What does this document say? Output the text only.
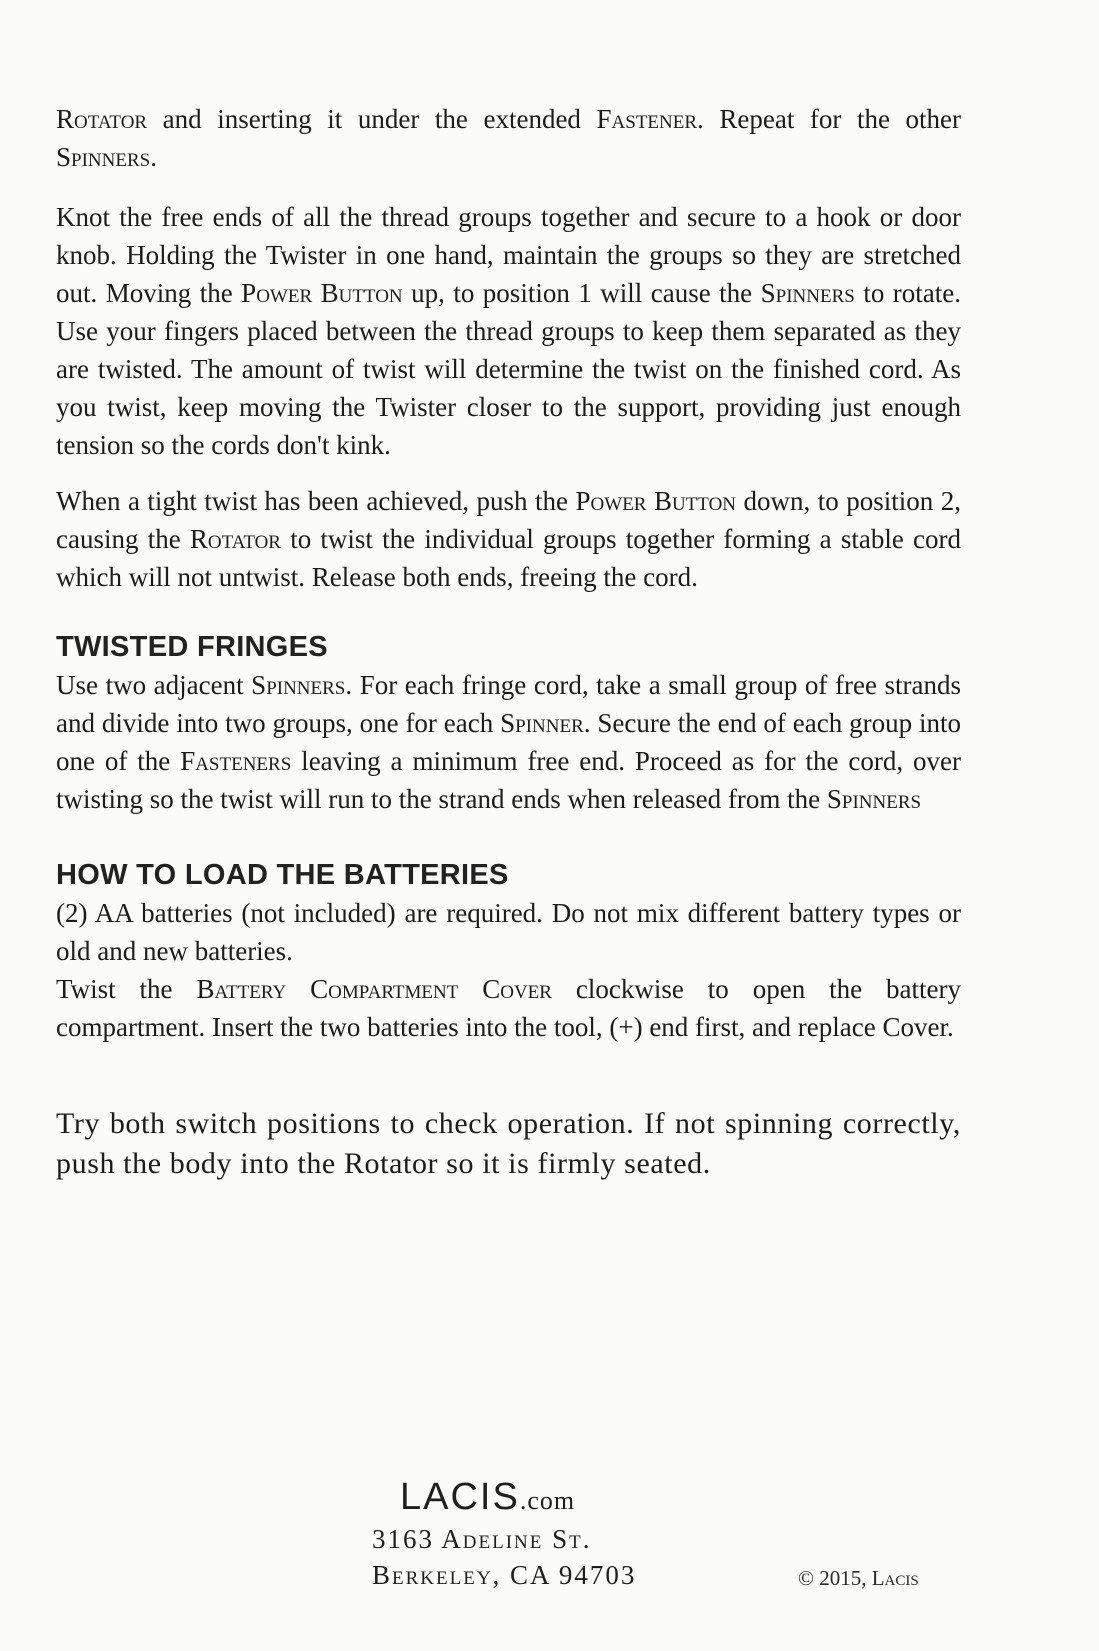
Rotator and inserting it under the extended Fastener. Repeat for the other Spinners.

Knot the free ends of all the thread groups together and secure to a hook or door knob. Holding the Twister in one hand, maintain the groups so they are stretched out. Moving the Power Button up, to position 1 will cause the Spinners to rotate. Use your fingers placed between the thread groups to keep them separated as they are twisted. The amount of twist will determine the twist on the finished cord. As you twist, keep moving the Twister closer to the support, providing just enough tension so the cords don't kink.

When a tight twist has been achieved, push the Power Button down, to position 2, causing the Rotator to twist the individual groups together forming a stable cord which will not untwist. Release both ends, freeing the cord.

TWISTED FRINGES

Use two adjacent Spinners. For each fringe cord, take a small group of free strands and divide into two groups, one for each Spinner. Secure the end of each group into one of the Fasteners leaving a minimum free end. Proceed as for the cord, over twisting so the twist will run to the strand ends when released from the Spinners

HOW TO LOAD THE BATTERIES

(2) AA batteries (not included) are required. Do not mix different battery types or old and new batteries.

Twist the Battery Compartment Cover clockwise to open the battery compartment. Insert the two batteries into the tool, (+) end first, and replace Cover.

Try both switch positions to check operation. If not spinning correctly, push the body into the Rotator so it is firmly seated.

LACIS.com
3163 Adeline St.
Berkeley, CA 94703	© 2015, Lacis
